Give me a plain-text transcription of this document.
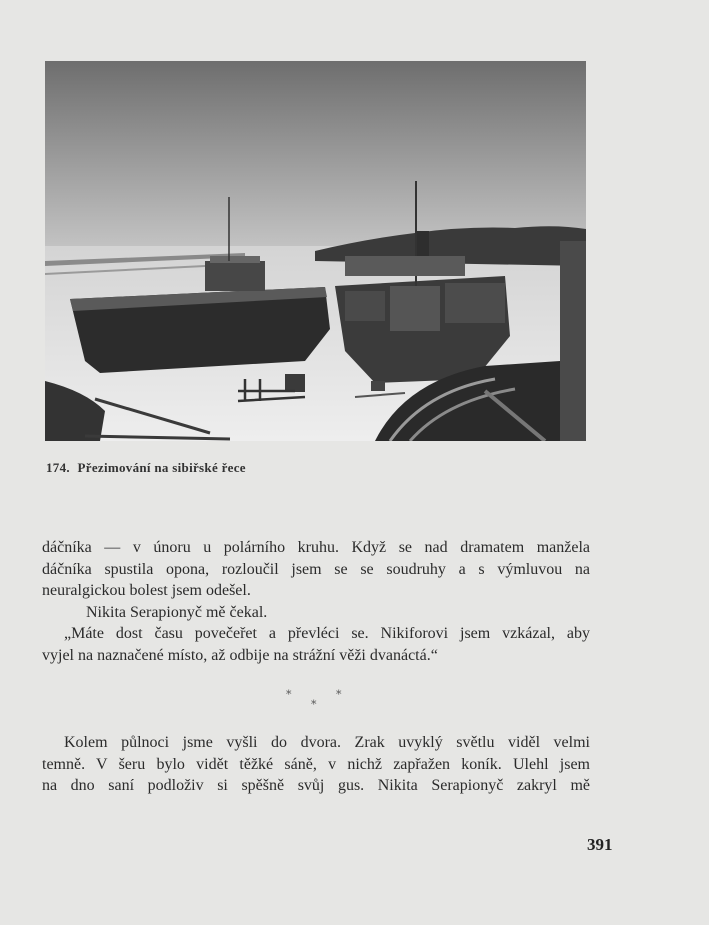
174. Přezimování na sibiřské řece

dáčníka — v únoru u polárního kruhu. Když se nad dramatem manžela
dáčníka spustila opona, rozloučil jsem se se soudruhy a s výmluvou na
neuralgickou bolest jsem odešel.

Nikita Serapionyč mě čekal.

„Máte dost času povečeřet a převléci se. Nikiforovi jsem vzkázal, aby
vyjel na naznačené místo, až odbije na strážní věži dvanáctá.“

*
*
*

Kolem půlnoci jsme vyšli do dvora. Zrak uvyklý světlu viděl velmi
temně. V šeru bylo vidět těžké sáně, v nichž zapřažen koník. Ulehl jsem
na dno saní podloživ si spěšně svůj gus. Nikita Serapionyč zakryl mě

391
